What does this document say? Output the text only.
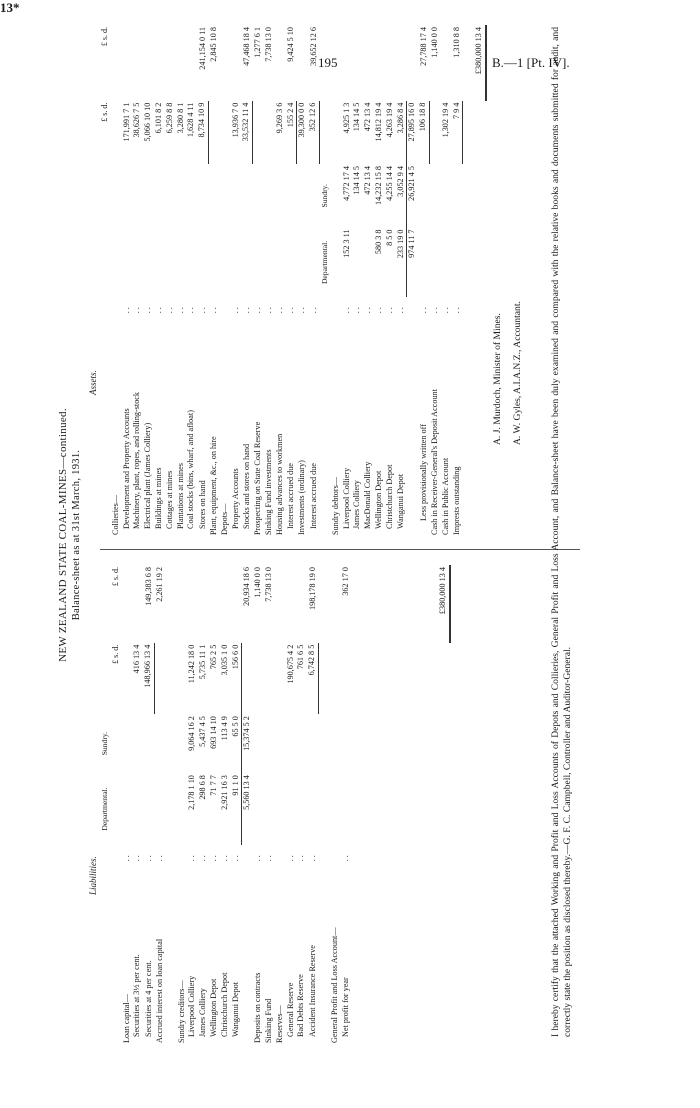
195	B.—1 [Pt. IV].
13*
NEW ZEALAND STATE COAL-MINES—continued. Balance-sheet as at 31st March, 1931.
Liabilities.
Assets.
		Departmental.	Sundry.		
				£ s. d.	£ s. d.
Loan capital—	..				
Securities at 3½ per cent.	..			416 13 4	
Securities at 4 per cent.	..			148,966 13 4	149,383 6 8
Accrued interest on loan capital	..				2,261 19 2

Sundry creditors—					
Liverpool Colliery	..	2,178 1 10	9,064 16 2	11,242 18 0	
James Colliery	..	298 6 8	5,437 4 5	5,735 11 1	
Wellington Depot	..	71 7 7	693 14 10	765 2 5	
Christchurch Depot	..	2,921 16 3	113 4 9	3,035 1 0	
Wanganui Depot	..	91 1 0	65 5 0	156 6 0	
		5,560 13 4	15,374 5 2		20,934 18 6
Deposits on contracts	..				1,140 0 0
Sinking Fund	..				7,738 13 0
Reserves—					
General Reserve	..			190,675 4 2	
Bad Debts Reserve	..			761 6 5	
Accident Insurance Reserve	..			6,742 8 5	198,178 19 0

General Profit and Loss Account—					
Net profit for year	..				362 17 0

					£380,000 13 4
				£ s. d.	£ s. d.
Collieries—					
Development and Property Accounts	..			171,991 7 1	
Machinery, plant, ropes, and rolling-stock	..			38,626 7 5	
Electrical plant (James Colliery)	..			5,066 10 10	
Buildings at mines	..			6,101 8 2	
Cottages at mines	..			6,259 8 8	
Plantations at mines	..			3,280 8 1	
Coal stocks (bins, wharf, and afloat)	..			1,628 4 11	
Stores on hand	..			8,734 10 9	241,154 0 11
Plant, equipment, &c., on hire	..				2,845 10 8
Depots—					
Property Accounts	..			13,936 7 0	
Stocks and stores on hand	..			33,532 11 4	47,468 18 4
Prospecting on State Coal Reserve	..				1,277 6 1
Sinking Fund investments	..				7,738 13 0
Housing advances to workmen	..			9,269 3 6	
Interest accrued due	..			155 2 4	9,424 5 10
Investments (ordinary)	..			39,300 0 0	
Interest accrued due	..			352 12 6	39,652 12 6
		Departmental.	Sundry.		
Sundry debtors—					
Liverpool Colliery	..	152 3 11	4,772 17 4	4,925 1 3	
James Colliery	..		134 14 5	134 14 5	
MacDonald Colliery	..		472 13 4	472 13 4	
Wellington Depot	..	580 3 8	14,232 15 8	14,812 19 4	
Christchurch Depot	..	8 5 0	4,255 14 4	4,263 19 4	
Wanganui Depot	..	233 19 0	3,052 9 4	3,286 8 4	
		974 11 7	26,921 4 5	27,895 16 0	
Less provisionally written off	..			106 18 8	27,788 17 4
Cash in Receiver-General's Deposit Account	..				1,140 0 0
Cash in Public Account	..			1,302 19 4	
Imprests outstanding	..			7 9 4	1,310 8 8

					£380,000 13 4
A. J. Murdoch, Minister of Mines. A. W. Gyles, A.I.A.N.Z., Accountant.	I hereby certify that the attached Working and Profit and Loss Accounts of Depots and Collieries, General Profit and Loss Account, and Balance-sheet have been duly examined and compared with the relative books and documents submitted for audit, and correctly state the position as disclosed thereby.—G. F. C. Campbell, Controller and Auditor-General.
